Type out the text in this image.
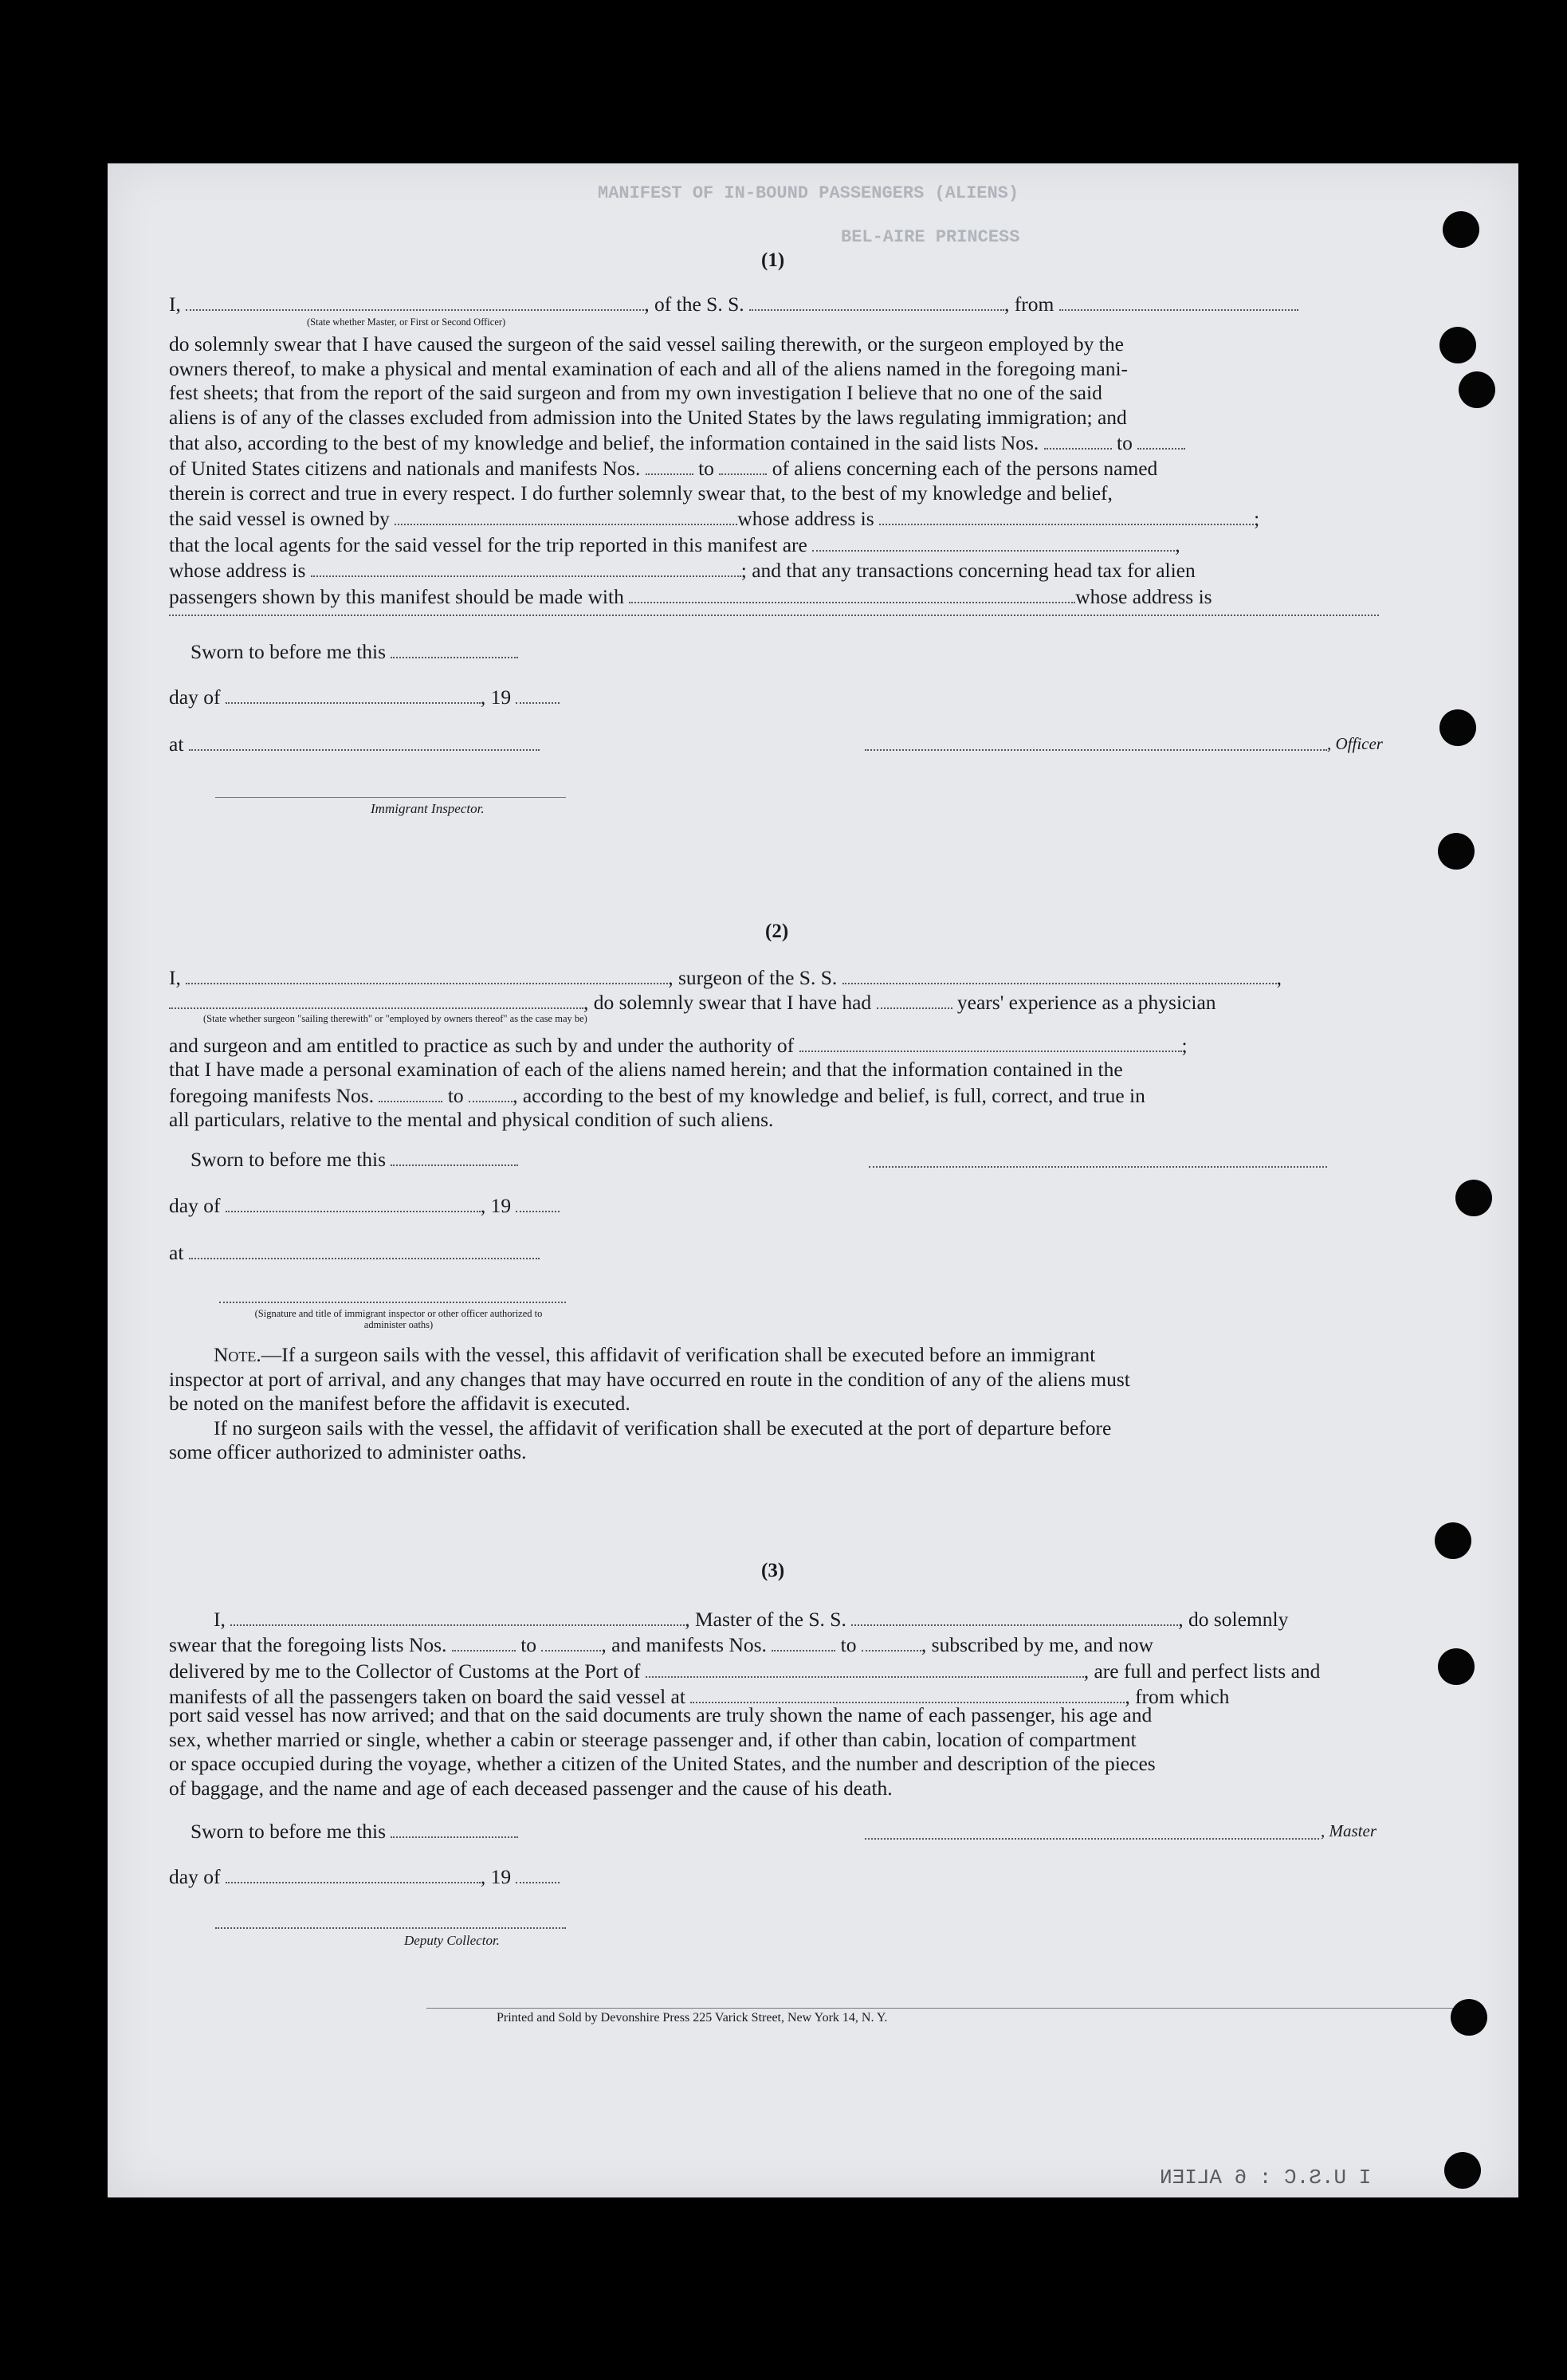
MANIFEST OF IN-BOUND PASSENGERS (ALIENS)
BEL-AIRE PRINCESS
(1)
I,	, of the S. S.	, from
(State whether Master, or First or Second Officer)
do solemnly swear that I have caused the surgeon of the said vessel sailing therewith, or the surgeon employed by the
owners thereof, to make a physical and mental examination of each and all of the aliens named in the foregoing mani-
fest sheets; that from the report of the said surgeon and from my own investigation I believe that no one of the said
aliens is of any of the classes excluded from admission into the United States by the laws regulating immigration; and
that also, according to the best of my knowledge and belief, the information contained in the said lists Nos.	to
of United States citizens and nationals and manifests Nos.	to	of aliens concerning each of the persons named
therein is correct and true in every respect. I do further solemnly swear that, to the best of my knowledge and belief,
the said vessel is owned by	whose address is	;
that the local agents for the said vessel for the trip reported in this manifest are	,
whose address is	; and that any transactions concerning head tax for alien
passengers shown by this manifest should be made with	whose address is
Sworn to before me this
day of	, 19
at	, Officer
Immigrant Inspector.
(2)
I,	, surgeon of the S. S.	,
, do solemnly swear that I have had	years' experience as a physician
(State whether surgeon "sailing therewith" or "employed by owners thereof" as the case may be)
and surgeon and am entitled to practice as such by and under the authority of	;
that I have made a personal examination of each of the aliens named herein; and that the information contained in the
foregoing manifests Nos.	to , according to the best of my knowledge and belief, is full, correct, and true in
all particulars, relative to the mental and physical condition of such aliens.
Sworn to before me this
day of	, 19
at
(Signature and title of immigrant inspector or other officer authorized to administer oaths)
Note.—If a surgeon sails with the vessel, this affidavit of verification shall be executed before an immigrant
inspector at port of arrival, and any changes that may have occurred en route in the condition of any of the aliens must
be noted on the manifest before the affidavit is executed.
If no surgeon sails with the vessel, the affidavit of verification shall be executed at the port of departure before
some officer authorized to administer oaths.
(3)
I,	, Master of the S. S.	, do solemnly
swear that the foregoing lists Nos.	to	, and manifests Nos.	to	, subscribed by me, and now
delivered by me to the Collector of Customs at the Port of	, are full and perfect lists and
manifests of all the passengers taken on board the said vessel at	, from which
port said vessel has now arrived; and that on the said documents are truly shown the name of each passenger, his age and
sex, whether married or single, whether a cabin or steerage passenger and, if other than cabin, location of compartment
or space occupied during the voyage, whether a citizen of the United States, and the number and description of the pieces
of baggage, and the name and age of each deceased passenger and the cause of his death.
Sworn to before me this	, Master
day of	, 19
Deputy Collector.
Printed and Sold by Devonshire Press 225 Varick Street, New York 14, N. Y.
I U.S.C : 6 ALIEN
